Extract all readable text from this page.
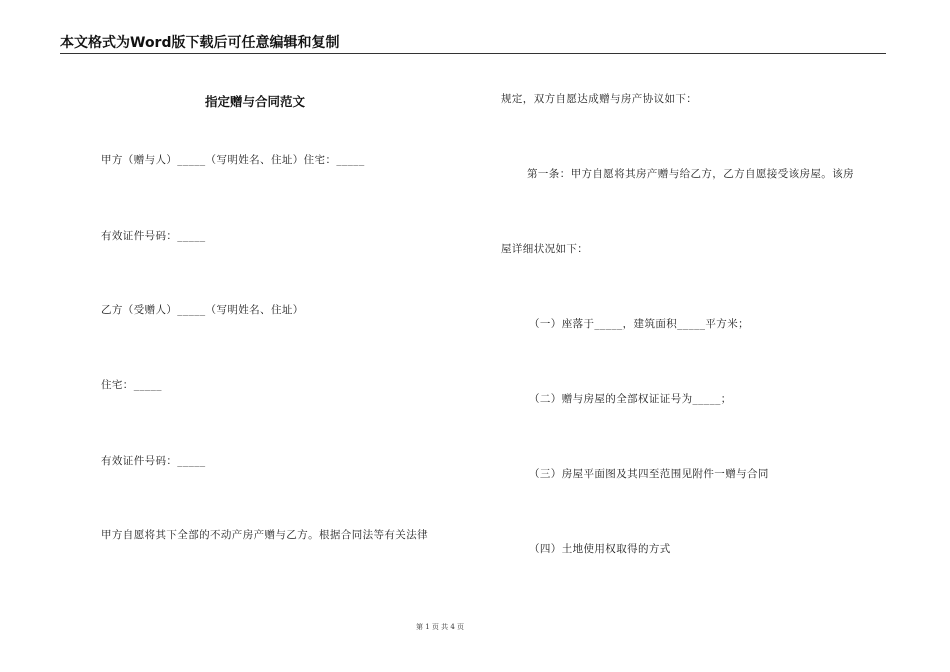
本文格式为Word版下载后可任意编辑和复制
指定赠与合同范文
甲方（赠与人）_____（写明姓名、住址）住宅：_____
有效证件号码：_____
乙方（受赠人）_____（写明姓名、住址）
住宅：_____
有效证件号码：_____
甲方自愿将其下全部的不动产房产赠与乙方。根据合同法等有关法律
规定，双方自愿达成赠与房产协议如下：
第一条：甲方自愿将其房产赠与给乙方，乙方自愿接受该房屋。该房
屋详细状况如下：
（一）座落于_____，建筑面积_____平方米；
（二）赠与房屋的全部权证证号为_____；
（三）房屋平面图及其四至范围见附件一赠与合同
（四）土地使用权取得的方式
第 1 页 共 4 页
